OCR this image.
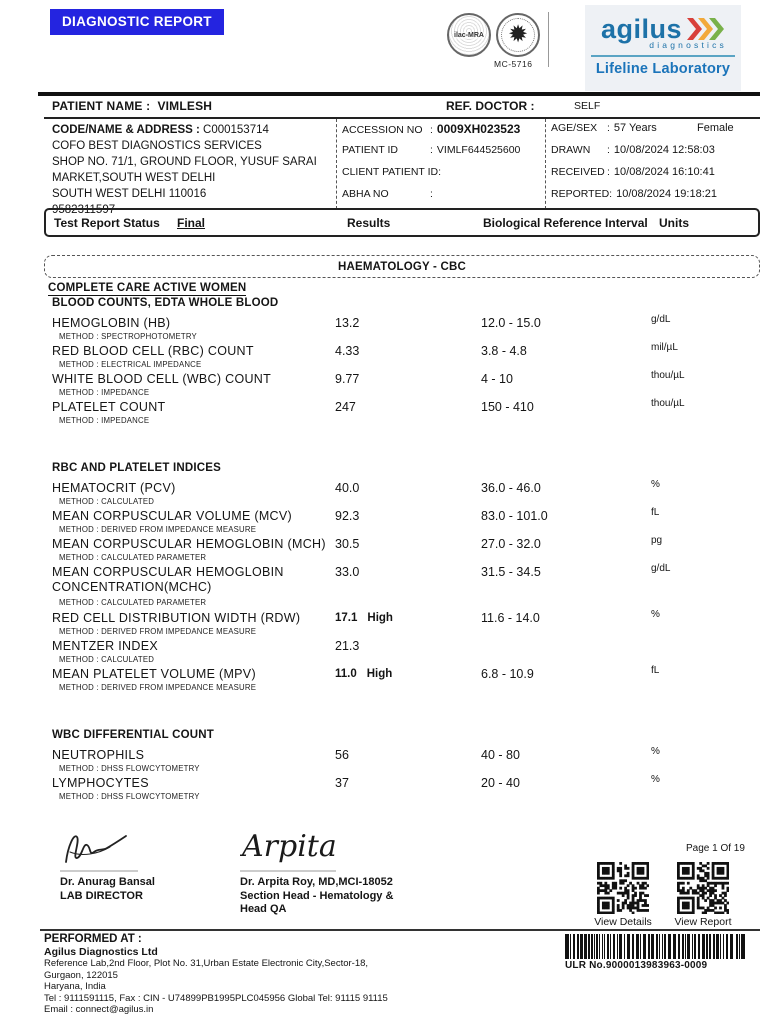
DIAGNOSTIC REPORT
ilac-MRA ✹
MC-5716
agilus
diagnostics
Lifeline Laboratory
PATIENT NAME : VIMLESH	REF. DOCTOR :	SELF
CODE/NAME & ADDRESS : C000153714
COFO BEST DIAGNOSTICS SERVICES
SHOP NO. 71/1, GROUND FLOOR, YUSUF SARAI
MARKET,SOUTH WEST DELHI
SOUTH WEST DELHI 110016
9582311597
ACCESSION NO : 0009XH023523
PATIENT ID	: VIMLF644525600
CLIENT PATIENT ID:
ABHA NO	:
AGE/SEX : 57 Years	Female
DRAWN : 10/08/2024 12:58:03
RECEIVED : 10/08/2024 16:10:41
REPORTED: 10/08/2024 19:18:21
Test Report Status Final	Results	Biological Reference Interval Units
HAEMATOLOGY - CBC
COMPLETE CARE ACTIVE WOMEN
BLOOD COUNTS, EDTA WHOLE BLOOD
HEMOGLOBIN (HB)
METHOD : SPECTROPHOTOMETRY
13.2	12.0 - 15.0	g/dL
RED BLOOD CELL (RBC) COUNT
METHOD : ELECTRICAL IMPEDANCE
4.33	3.8 - 4.8	mil/µL
WHITE BLOOD CELL (WBC) COUNT
METHOD : IMPEDANCE
9.77	4 - 10	thou/µL
PLATELET COUNT
METHOD : IMPEDANCE
247	150 - 410	thou/µL
RBC AND PLATELET INDICES
HEMATOCRIT (PCV)
METHOD : CALCULATED
40.0	36.0 - 46.0	%
MEAN CORPUSCULAR VOLUME (MCV)
METHOD : DERIVED FROM IMPEDANCE MEASURE
92.3	83.0 - 101.0	fL
MEAN CORPUSCULAR HEMOGLOBIN (MCH)
METHOD : CALCULATED PARAMETER
30.5	27.0 - 32.0	pg
MEAN CORPUSCULAR HEMOGLOBIN CONCENTRATION(MCHC)
METHOD : CALCULATED PARAMETER
33.0	31.5 - 34.5	g/dL
RED CELL DISTRIBUTION WIDTH (RDW)
METHOD : DERIVED FROM IMPEDANCE MEASURE
17.1 High	11.6 - 14.0	%
MENTZER INDEX
METHOD : CALCULATED
21.3
MEAN PLATELET VOLUME (MPV)
METHOD : DERIVED FROM IMPEDANCE MEASURE
11.0 High	6.8 - 10.9	fL
WBC DIFFERENTIAL COUNT
NEUTROPHILS
METHOD : DHSS FLOWCYTOMETRY
56	40 - 80	%
LYMPHOCYTES
METHOD : DHSS FLOWCYTOMETRY
37	20 - 40	%
Dr. Anurag Bansal
LAB DIRECTOR
Arpita
Dr. Arpita Roy, MD,MCI-18052
Section Head - Hematology &
Head QA
Page 1 Of 19
View Details	View Report
PERFORMED AT :
Agilus Diagnostics Ltd
Reference Lab,2nd Floor, Plot No. 31,Urban Estate Electronic City,Sector-18,
Gurgaon, 122015
Haryana, India
Tel : 9111591115, Fax : CIN - U74899PB1995PLC045956 Global Tel: 91115 91115
Email : connect@agilus.in
ULR No.9000013983963-0009
